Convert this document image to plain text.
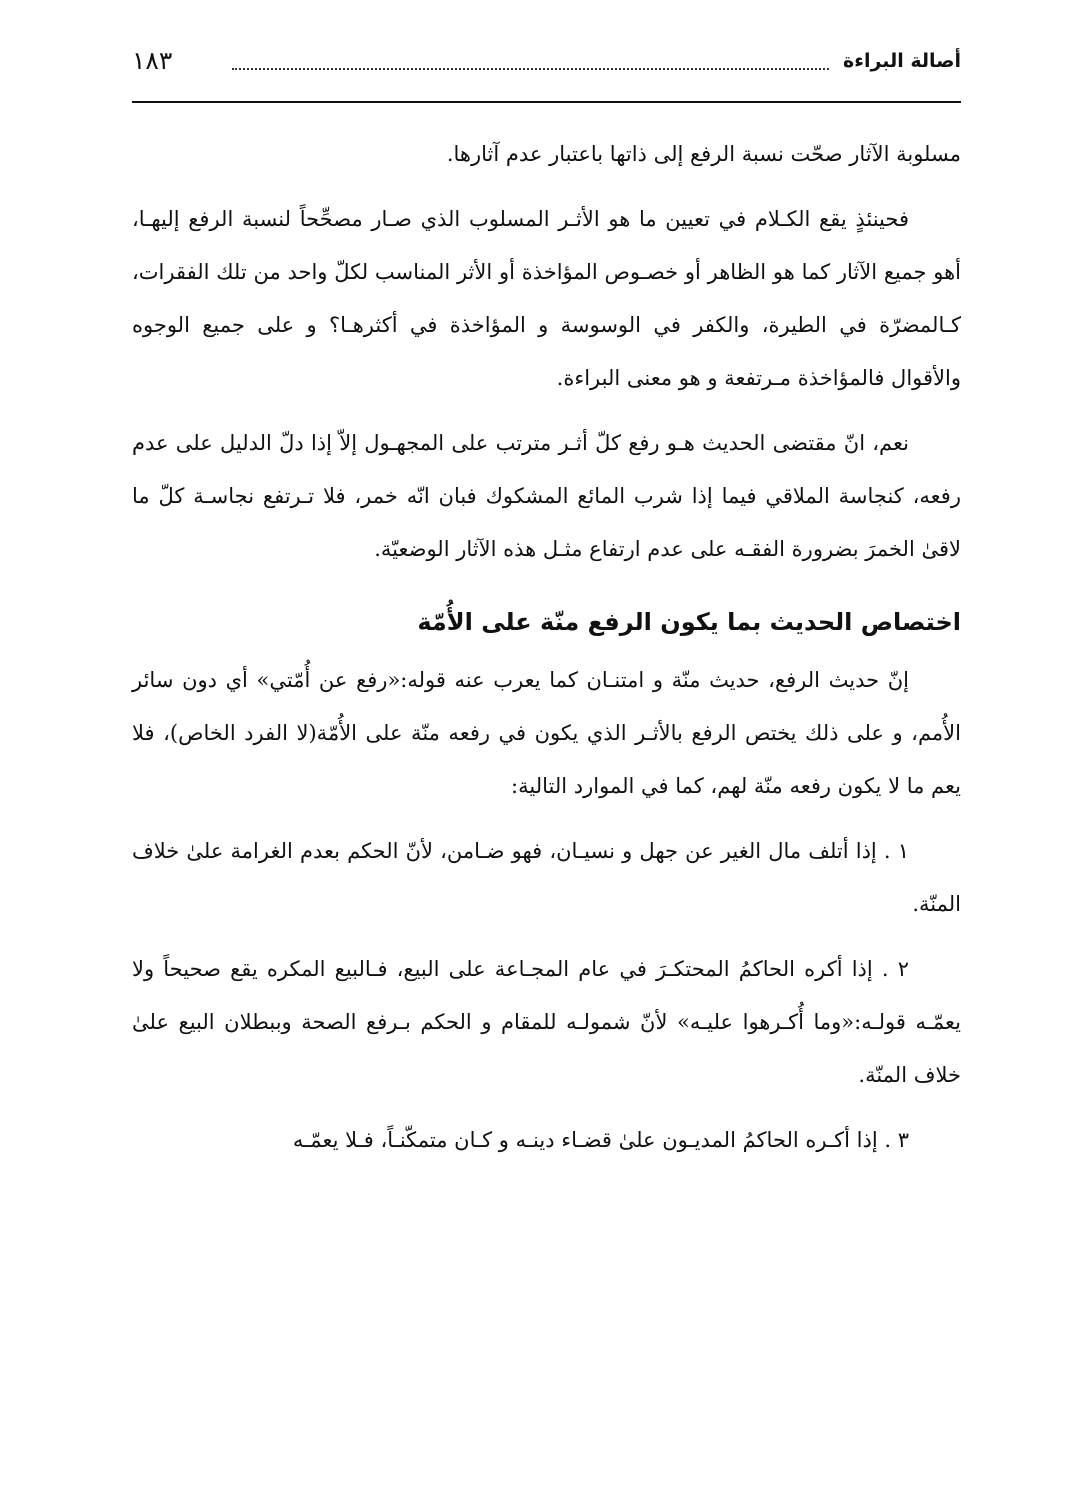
أصالة البراءة
١٨٣

مسلوبة الآثار صحّت نسبة الرفع إلى ذاتها باعتبار عدم آثارها.

فحينئذٍ يقع الكـلام في تعيين ما هو الأثـر المسلوب الذي صـار مصحِّحاً لنسبة الرفع إليهـا، أهو جميع الآثار كما هو الظاهر أو خصـوص المؤاخذة أو الأثر المناسب لكلّ واحد من تلك الفقرات، كـالمضرّة في الطيرة، والكفر في الوسوسة و المؤاخذة في أكثرهـا؟ و على جميع الوجوه والأقوال فالمؤاخذة مـرتفعة و هو معنى البراءة.

نعم، انّ مقتضى الحديث هـو رفع كلّ أثـر مترتب على المجهـول إلاّ إذا دلّ الدليل على عدم رفعه، كنجاسة الملاقي فيما إذا شرب المائع المشكوك فبان انّه خمر، فلا تـرتفع نجاسـة كلّ ما لاقىٰ الخمرَ بضرورة الفقـه على عدم ارتفاع مثـل هذه الآثار الوضعيّة.

اختصاص الحديث بما يكون الرفع منّة على الأُمّة

إنّ حديث الرفع، حديث منّة و امتنـان كما يعرب عنه قوله:«رفع عن أُمّتي» أي دون سائر الأُمم، و على ذلك يختص الرفع بالأثـر الذي يكون في رفعه منّة على الأُمّة(لا الفرد الخاص)، فلا يعم ما لا يكون رفعه منّة لهم، كما في الموارد التالية:

١ . إذا أتلف مال الغير عن جهل و نسيـان، فهو ضـامن، لأنّ الحكم بعدم الغرامة علىٰ خلاف المنّة.

٢ . إذا أكره الحاكمُ المحتكـرَ في عام المجـاعة على البيع، فـالبيع المكره يقع صحيحاً ولا يعمّـه قولـه:«وما أُكـرهوا عليـه» لأنّ شمولـه للمقام و الحكم بـرفع الصحة وببطلان البيع علىٰ خلاف المنّة.

٣ . إذا أكـره الحاكمُ المديـون علىٰ قضـاء دينـه و كـان متمكّنـاً، فـلا يعمّـه
